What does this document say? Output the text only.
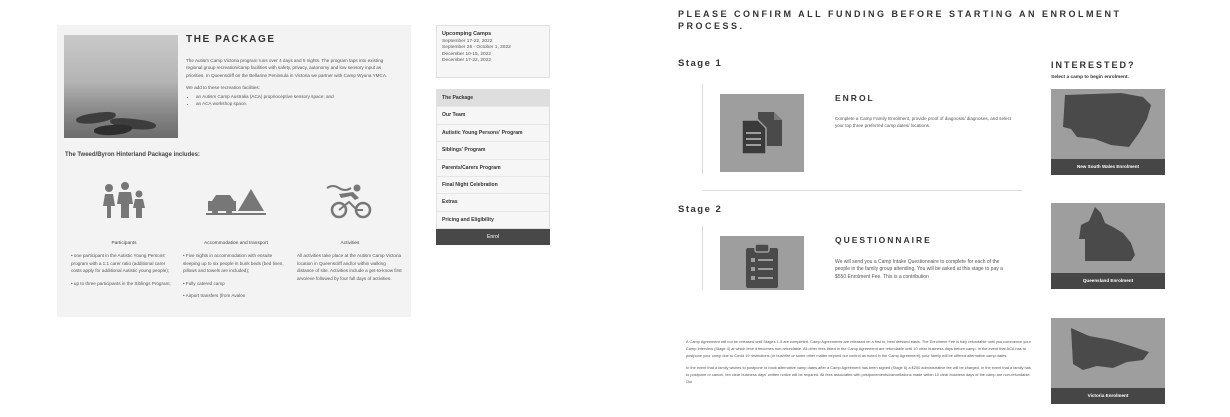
THE PACKAGE

The Autism Camp Victoria program runs over 4 days and 5 nights. The program taps into existing regional group recreation/camp facilities with safety, privacy, autonomy and low sensory input as priorities. In Queenscliff on the Bellarine Peninsula in Victoria we partner with Camp Wyuna YMCA.

We add to these recreation facilities:

• an Autism Camp Australia (ACA) proprioceptive sensory space; and
• an ACA workshop space.
The Tweed/Byron Hinterland Package includes:
Participants

• one participant in the Autistic Young Persons' program with a 1:1 carer ratio (additional carer costs apply for additional Autistic young people);

• up to three participants in the Siblings Program;

Accommodation and transport

• Five nights in accommodation with ensuite sleeping up to six people in bunk beds (bed linen, pillows and towels are included);

• Fully catered camp

• Airport transfers (from Avalon

Activities

All activities take place at the Autism Camp Victoria location in Queenscliff and/or within walking distance of site. Activities include a get-to-know first arvo/eve followed by four full days of activities.

Upcomping Camps
September 17-22, 2022
September 26 - October 1, 2022
December 10-15, 2022
December 17-22, 2022
The Package
Our Team
Autistic Young Persons' Program
Siblings' Program
Parents/Carers Program
Final Night Celebration
Extras
Pricing and Eligibility
Enrol
PLEASE CONFIRM ALL FUNDING BEFORE STARTING AN ENROLMENT PROCESS.
Stage 1
ENROL
Complete a Camp Family Enrolment, provide proof of diagnosis/ diagnoses, and select your top three preferred camp dates/ locations.
Stage 2
QUESTIONNAIRE
We will send you a Camp Intake Questionnaire to complete for each of the people in the family group attending. You will be asked at this stage to pay a $550 Enrolment Fee. This is a contribution

A Camp Agreement will not be released until Stages 1-5 are completed. Camp Agreements are released on a first in, best dressed basis. The Enrolment Fee is fully refundable until you commence your Camp Interview (Stage 4) at which time it becomes non-refundable. All other fees listed in the Camp Agreement are refundable until 10 clear business days before camp. In the event that ACA has to postpone your camp due to Covid 19 restrictions (or bushfire or some other matter beyond our control as noted in the Camp Agreement), your family will be offered alternative camp dates.

In the event that a family wishes to postpone or book alternative camp dates after a Camp Agreement has been signed (Stage 6) a $200 administrative fee will be charged. In the event that a family has to postpone or cancel, ten clear business days' written notice will be required. All fees associated with postponements/cancellations made within 10 clear business days of the camp are non-refundable. Our

INTERESTED?
Select a camp to begin enrolment.
New South Wales Enrolment
Queensland Enrolment
Victoria Enrolment
